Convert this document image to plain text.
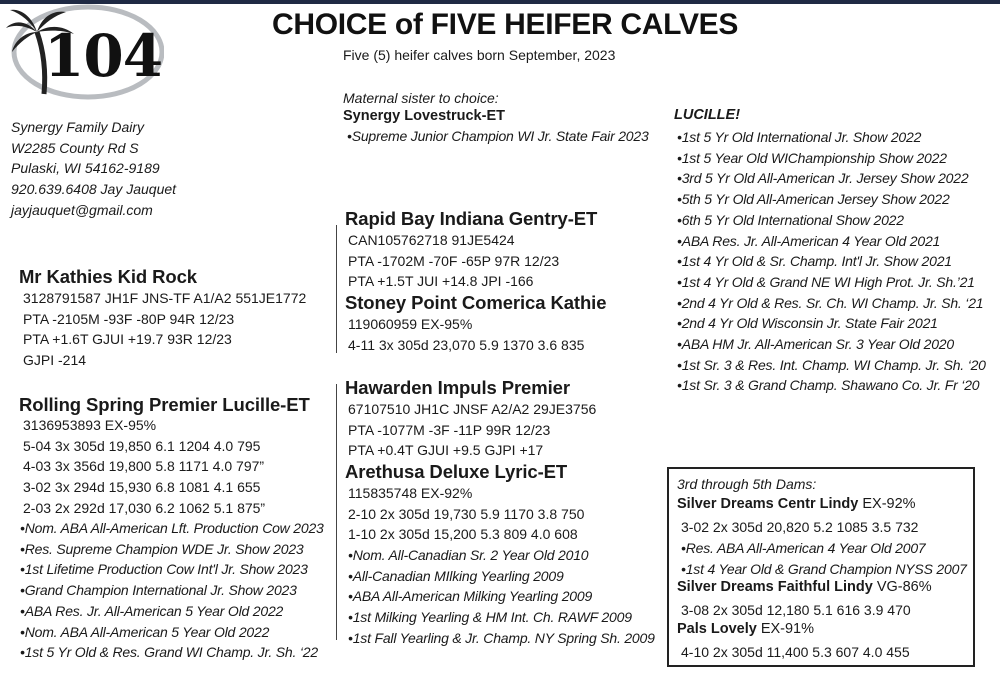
104	CHOICE of FIVE HEIFER CALVES
Five (5) heifer calves born September, 2023
Synergy Family Dairy
W2285 County Rd S
Pulaski, WI 54162-9189
920.639.6408 Jay Jauquet
jayjauquet@gmail.com
Mr Kathies Kid Rock
3128791587 JH1F JNS-TF A1/A2 551JE1772
PTA -2105M -93F -80P 94R 12/23
PTA +1.6T GJUI +19.7 93R 12/23
GJPI -214
Rolling Spring Premier Lucille-ET
3136953893 EX-95%
5-04 3x 305d 19,850 6.1 1204 4.0 795
4-03 3x 356d 19,800 5.8 1171 4.0 797”
3-02 3x 294d 15,930 6.8 1081 4.1 655
2-03 2x 292d 17,030 6.2 1062 5.1 875”
•Nom. ABA All-American Lft. Production Cow 2023
•Res. Supreme Champion WDE Jr. Show 2023
•1st Lifetime Production Cow Int'l Jr. Show 2023
•Grand Champion International Jr. Show 2023
•ABA Res. Jr. All-American 5 Year Old 2022
•Nom. ABA All-American 5 Year Old 2022
•1st 5 Yr Old & Res. Grand WI Champ. Jr. Sh. ‘22
Maternal sister to choice:
Synergy Lovestruck-ET
•Supreme Junior Champion WI Jr. State Fair 2023
Rapid Bay Indiana Gentry-ET
CAN105762718 91JE5424
PTA -1702M -70F -65P 97R 12/23
PTA +1.5T JUI +14.8 JPI -166
Stoney Point Comerica Kathie
119060959 EX-95%
4-11 3x 305d 23,070 5.9 1370 3.6 835
Hawarden Impuls Premier
67107510 JH1C JNSF A2/A2 29JE3756
PTA -1077M -3F -11P 99R 12/23
PTA +0.4T GJUI +9.5 GJPI +17
Arethusa Deluxe Lyric-ET
115835748 EX-92%
2-10 2x 305d 19,730 5.9 1170 3.8 750
1-10 2x 305d 15,200 5.3 809 4.0 608
•Nom. All-Canadian Sr. 2 Year Old 2010
•All-Canadian MIlking Yearling 2009
•ABA All-American Milking Yearling 2009
•1st Milking Yearling & HM Int. Ch. RAWF 2009
•1st Fall Yearling & Jr. Champ. NY Spring Sh. 2009
LUCILLE!
•1st 5 Yr Old International Jr. Show 2022
•1st 5 Year Old WIChampionship Show 2022
•3rd 5 Yr Old All-American Jr. Jersey Show 2022
•5th 5 Yr Old All-American Jersey Show 2022
•6th 5 Yr Old International Show 2022
•ABA Res. Jr. All-American 4 Year Old 2021
•1st 4 Yr Old & Sr. Champ. Int'l Jr. Show 2021
•1st 4 Yr Old & Grand NE WI High Prot. Jr. Sh.’21
•2nd 4 Yr Old & Res. Sr. Ch. WI Champ. Jr. Sh. ‘21
•2nd 4 Yr Old Wisconsin Jr. State Fair 2021
•ABA HM Jr. All-American Sr. 3 Year Old 2020
•1st Sr. 3 & Res. Int. Champ. WI Champ. Jr. Sh. ‘20
•1st Sr. 3 & Grand Champ. Shawano Co. Jr. Fr ‘20
3rd through 5th Dams:
Silver Dreams Centr Lindy EX-92%
3-02 2x 305d 20,820 5.2 1085 3.5 732
•Res. ABA All-American 4 Year Old 2007
•1st 4 Year Old & Grand Champion NYSS 2007
Silver Dreams Faithful Lindy VG-86%
3-08 2x 305d 12,180 5.1 616 3.9 470
Pals Lovely EX-91%
4-10 2x 305d 11,400 5.3 607 4.0 455
